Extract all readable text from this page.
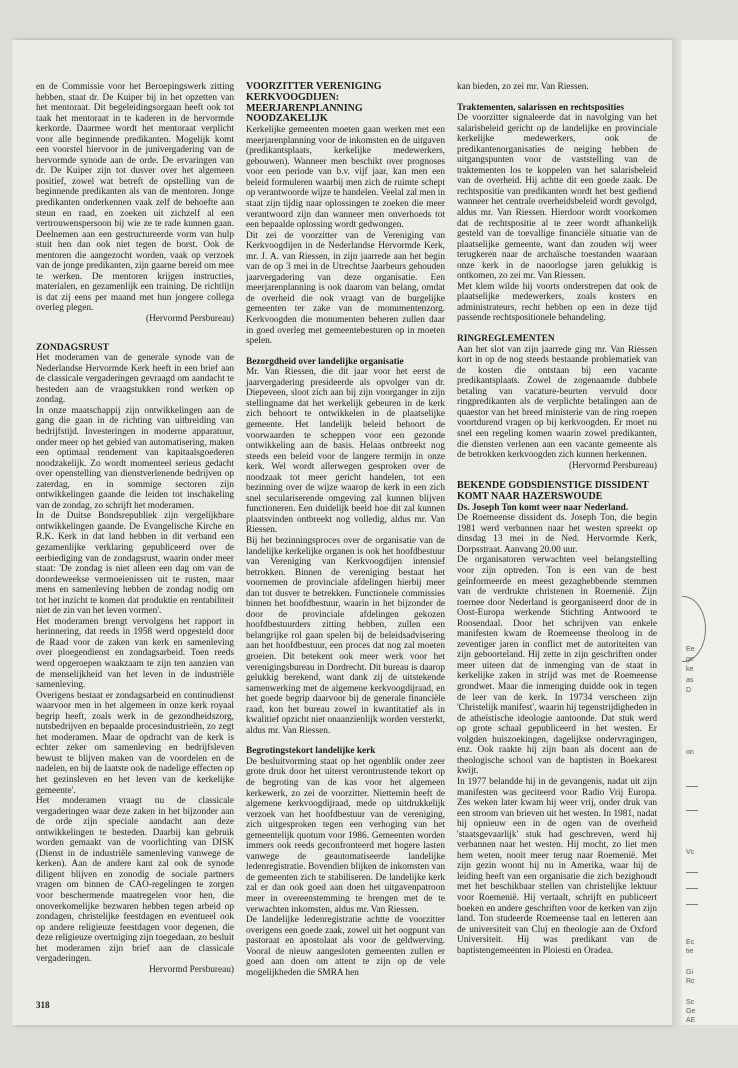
Ee
ge
ke
as
D
on
Vc
Ec
tie
Gi
Rc
Sc
Ge
AE

en de Commissie voor het Beroepingswerk zitting hebben, staat dr. De Kuiper bij in het opzetten van het mentoraat. Dit begeleidingsorgaan heeft ook tot taak het mentoraat in te kaderen in de hervormde kerkorde. Daarmee wordt het mentoraat verplicht voor alle beginnende predikanten. Mogelijk komt een voorstel hiervoor in de junivergadering van de hervormde synode aan de orde. De ervaringen van dr. De Kuiper zijn tot dusver over het algemeen positief, zowel wat betreft de opstelling van de beginnende predikanten als van de mentoren. Jonge predikanten onderkennen vaak zelf de behoefte aan steun en raad, en zoeken uit zichzelf al een vertrouwenspersoon bij wie ze te rade kunnen gaan. Deelnemen aan een gestructureerde vorm van hulp stuit hen dan ook niet tegen de borst. Ook de mentoren die aangezocht worden, vaak op verzoek van de jonge predikanten, zijn gaarne bereid om mee te werken. De mentoren krijgen instructies, materialen, en gezamenlijk een training. De richtlijn is dat zij eens per maand met hun jongere collega overleg plegen.

(Hervormd Persbureau)

ZONDAGSRUST

Het moderamen van de generale synode van de Nederlandse Hervormde Kerk heeft in een brief aan de classicale vergaderingen gevraagd om aandacht te besteden aan de vraagstukken rond werken op zondag.

In onze maatschappij zijn ontwikkelingen aan de gang die gaan in de richting van uitbreiding van bedrijfstijd. Investeringen in moderne apparatuur, onder meer op het gebied van automatisering, maken een optimaal rendement van kapitaalsgoederen noodzakelijk. Zo wordt momenteel serieus gedacht over openstelling van dienstverlenende bedrijven op zaterdag, en in sommige sectoren zijn ontwikkelingen gaande die leiden tot inschakeling van de zondag, zo schrijft het moderamen.

In de Duitse Bondsrepubliek zijn vergelijkbare ontwikkelingen gaande. De Evangelische Kirche en R.K. Kerk in dat land hebben in dit verband een gezamenlijke verklaring gepubliceerd over de eerbiediging van de zondagsrust, waarin onder meer staat: 'De zondag is niet alleen een dag om van de doordeweekse vermoeienissen uit te rusten, maar mens en samenleving hebben de zondag nodig om tot het inzicht te komen dat produktie en rentabiliteit niet de zin van het leven vormen'.

Het moderamen brengt vervolgens het rapport in herinnering, dat reeds in 1958 werd opgesteld door de Raad voor de zaken van kerk en samenleving over ploegendienst en zondagsarbeid. Toen reeds werd opgeroepen waakzaam te zijn ten aanzien van de menselijkheid van het leven in de industriële samenleving.

Overigens bestaat er zondagsarbeid en continudienst waarvoor men in het algemeen in onze kerk royaal begrip heeft, zoals werk in de gezondheidszorg, nutsbedrijven en bepaalde procesindustrieën, zo zegt het moderamen. Maar de opdracht van de kerk is echter zeker om samenleving en bedrijfsleven bewust te blijven maken van de voordelen en de nadelen, en bij de laatste ook de nadelige effecten op het gezinsleven en het leven van de kerkelijke gemeente'.

Het moderamen vraagt nu de classicale vergaderingen waar deze zaken in het bijzonder aan de orde zijn speciale aandacht aan deze ontwikkelingen te besteden. Daarbij kan gebruik worden gemaakt van de voorlichting van DISK (Dienst in de industriële samenleving vanwege de kerken). Aan de andere kant zal ook de synode diligent blijven en zonodig de sociale partners vragen om binnen de CAO-regelingen te zorgen voor beschermende maatregelen voor hen, die onoverkomelijke bezwaren hebben tegen arbeid op zondagen, christelijke feestdagen en eventueel ook op andere religieuze feestdagen voor degenen, die deze religieuze overtuiging zijn toegedaan, zo besluit het moderamen zijn brief aan de classicale vergaderingen.

Hervormd Persbureau)

VOORZITTER VERENIGING KERKVOOGDIJEN: MEERJARENPLANNING NOODZAKELIJK

Kerkelijke gemeenten moeten gaan werken met een meerjarenplanning voor de inkomsten en de uitgaven (predikantsplaats, kerkelijke medewerkers, gebouwen). Wanneer men beschikt over prognoses voor een periode van b.v. vijf jaar, kan men een beleid formuleren waarbij men zich de ruimte schept op verantwoorde wijze te handelen. Veelal zal men in staat zijn tijdig naar oplossingen te zoeken die meer verantwoord zijn dan wanneer men onverhoeds tot een bepaalde oplossing wordt gedwongen.

Dit zei de voorzitter van de Vereniging van Kerkvoogdijen in de Nederlandse Hervormde Kerk, mr. J. A. van Riessen, in zijn jaarrede aan het begin van de op 3 mei in de Utrechtse Jaarbeurs gehouden jaarvergadering van deze organisatie. Een meerjarenplanning is ook daarom van belang, omdat de overheid die ook vraagt van de burgelijke gemeenten ter zake van de monumentenzorg. Kerkvoogden die monumenten beheren zullen daar in goed overleg met gemeentebesturen op in moeten spelen.

Bezorgdheid over landelijke organisatie

Mr. Van Riessen, die dit jaar voor het eerst de jaarvergadering presideerde als opvolger van dr. Diepeveen, sloot zich aan bij zijn voorganger in zijn stellingname dat het werkelijk gebeuren in de kerk zich behoort te ontwikkelen in de plaatselijke gemeente. Het landelijk beleid behoort de voorwaarden te scheppen voor een gezonde ontwikkeling aan de basis. Helaas ontbreekt nog steeds een beleid voor de langere termijn in onze kerk. Wel wordt allerwegen gesproken over de noodzaak tot meer gericht handelen, tot een bezinning over de wijze waarop de kerk in een zich snel seculariserende omgeving zal kunnen blijven functioneren. Een duidelijk beeld hoe dit zal kunnen plaatsvinden ontbreekt nog volledig, aldus mr. Van Riessen.

Bij het bezinningsproces over de organisatie van de landelijke kerkelijke organen is ook het hoofdbestuur van Vereniging van Kerkvoogdijen intensief betrokken. Binnen de vereniging bestaat het voornemen de provinciale afdelingen hierbij meer dan tot dusver te betrekken. Functionele commissies binnen het hoofdbestuur, waarin in het bijzonder de door de provinciale afdelingen gekozen hoofdbestuurders zitting hebben, zullen een belangrijke rol gaan spelen bij de beleidsadvisering aan het hoofdbestuur, een proces dat nog zal moeten groeien. Dit betekent ook meer werk voor het verenigingsbureau in Dordrecht. Dit bureau is daarop gelukkig berekend, want dank zij de uitstekende samenwerking met de algemene kerkvoogdijraad, en het goede begrip daarvoor bij de generale financiële raad, kon het bureau zowel in kwantitatief als in kwalitief opzicht niet onaanzienlijk worden versterkt, aldus mr. Van Riessen.

Begrotingstekort landelijke kerk

De besluitvorming staat op het ogenblik onder zeer grote druk door het uiterst verontrustende tekort op de begroting van de kas voor het algemeen kerkewerk, zo zei de voorzitter. Niettemin heeft de algemene kerkvoogdijraad, mede op uitdrukkelijk verzoek van het hoofdbestuur van de vereniging, zich uitgesproken tegen een verhoging van het gemeentelijk quotum voor 1986. Gemeenten worden immers ook reeds geconfronteerd met hogere lasten vanwege de geautomatiseerde landelijke ledenregistratie. Bovendien blijken de inkomsten van de gemeenten zich te stabiliseren. De landelijke kerk zal er dan ook goed aan doen het uitgavenpatroon meer in overeenstemming te brengen met de te verwachten inkomsten, aldus mr. Van Riessen.

De landelijke ledenregistratie achtte de voorzitter overigens een goede zaak, zowel uit het oogpunt van pastoraat en apostolaat als voor de geldwerving. Vooral de nieuw aangesloten gemeenten zullen er goed aan doen om attent te zijn op de vele mogelijkheden die SMRA hen

kan bieden, zo zei mr. Van Riessen.

Traktementen, salarissen en rechtsposities

De voorzitter signaleerde dat in navolging van het salarisbeleid gericht op de landelijke en provinciale kerkelijke medewerkers, ook de predikantenorganisaties de neiging hebben de uitgangspunten voor de vaststelling van de traktementen los te koppelen van het salarisbeleid van de overheid. Hij achtte dit een goede zaak. De rechtspositie van predikanten wordt het best gediend wanneer het centrale overheidsbeleid wordt gevolgd, aldus mr. Van Riessen. Hierdoor wordt voorkomen dat de rechtspositie al te zeer wordt afhankelijk gesteld van de toevallige financiële situatie van de plaatselijke gemeente, want dan zouden wij weer terugkeren naar de archaïsche toestanden waaraan onze kerk in de naoorlogse jaren gelukkig is ontkomen, zo zei mr. Van Riessen.

Met klem wilde hij voorts onderstrepen dat ook de plaatselijke medewerkers, zoals kosters en administrateurs, recht hebben op een in deze tijd passende rechtspositionele behandeling.

RINGREGLEMENTEN

Aan het slot van zijn jaarrede ging mr. Van Riessen kort in op de nog steeds bestaande problematiek van de kosten die ontstaan bij een vacante predikantsplaats. Zowel de zogenaamde dubbele betaling van vacature-beurten vervuld door ringpredikanten als de verplichte betalingen aan de quaestor van het breed ministerie van de ring roepen voortdurend vragen op bij kerkvoogden. Er moet nu snel een regeling komen waarin zowel predikanten, die diensten verlenen aan een vacante gemeente als de betrokken kerkvoogden zich kunnen herkennen.

(Hervormd Persbureau)

BEKENDE GODSDIENSTIGE DISSIDENT KOMT NAAR HAZERSWOUDE
Ds. Joseph Ton komt weer naar Nederland.

De Roemeense dissident ds. Joseph Ton, die begin 1981 werd verbannen naar het westen spreekt op dinsdag 13 mei in de Ned. Hervormde Kerk, Dorpsstraat. Aanvang 20.00 uur.

De organisatoren verwachten veel belangstelling voor zijn optreden. Ton is een van de best geïnformeerde en meest gezaghebbende stemmen van de verdrukte christenen in Roemenië. Zijn toernee door Nederland is georganiseerd door de in Oost-Europa werkende Stichting Antwoord te Roosendaal. Door het schrijven van enkele manifesten kwam de Roemeense theoloog in de zeventiger jaren in conflict met de autoriteiten van zijn geboorteland. Hij zette in zijn geschriften onder meer uiteen dat de inmenging van de staat in kerkelijke zaken in strijd was met de Roemeense grondwet. Maar die inmenging duidde ook in tegen de leer van de kerk. In 19734 verscheen zijn 'Christelijk manifest', waarin hij tegenstrijdigheden in de atheïstische ideologie aantoonde. Dat stuk werd op grote schaal gepubliceerd in het westen. Er volgden huiszoekingen, dagelijkse ondervragingen, enz. Ook raakte hij zijn baan als docent aan de theologische school van de baptisten in Boekarest kwijt.

In 1977 belandde hij in de gevangenis, nadat uit zijn manifesten was geciteerd voor Radio Vrij Europa. Zes weken later kwam hij weer vrij, onder druk van een stroom van brieven uit het westen. In 1981, nadat hij opnieuw een in de ogen van de overheid 'staatsgevaarlijk' stuk had geschreven, werd hij verbannen naar het westen. Hij mocht, zo liet men hem weten, nooit meer terug naar Roemenië. Met zijn gezin woont hij nu in Amerika, waar hij de leiding heeft van een organisatie die zich bezighoudt met het beschikbaar stellen van christelijke lektuur voor Roemenië. Hij vertaalt, schrijft en publiceert boeken en andere geschriften voor de kerken van zijn land. Ton studeerde Roemeense taal en letteren aan de universiteit van Cluj en theologie aan de Oxford Universiteit. Hij was predikant van de baptistengemeenten in Ploiesti en Oradea.

318
